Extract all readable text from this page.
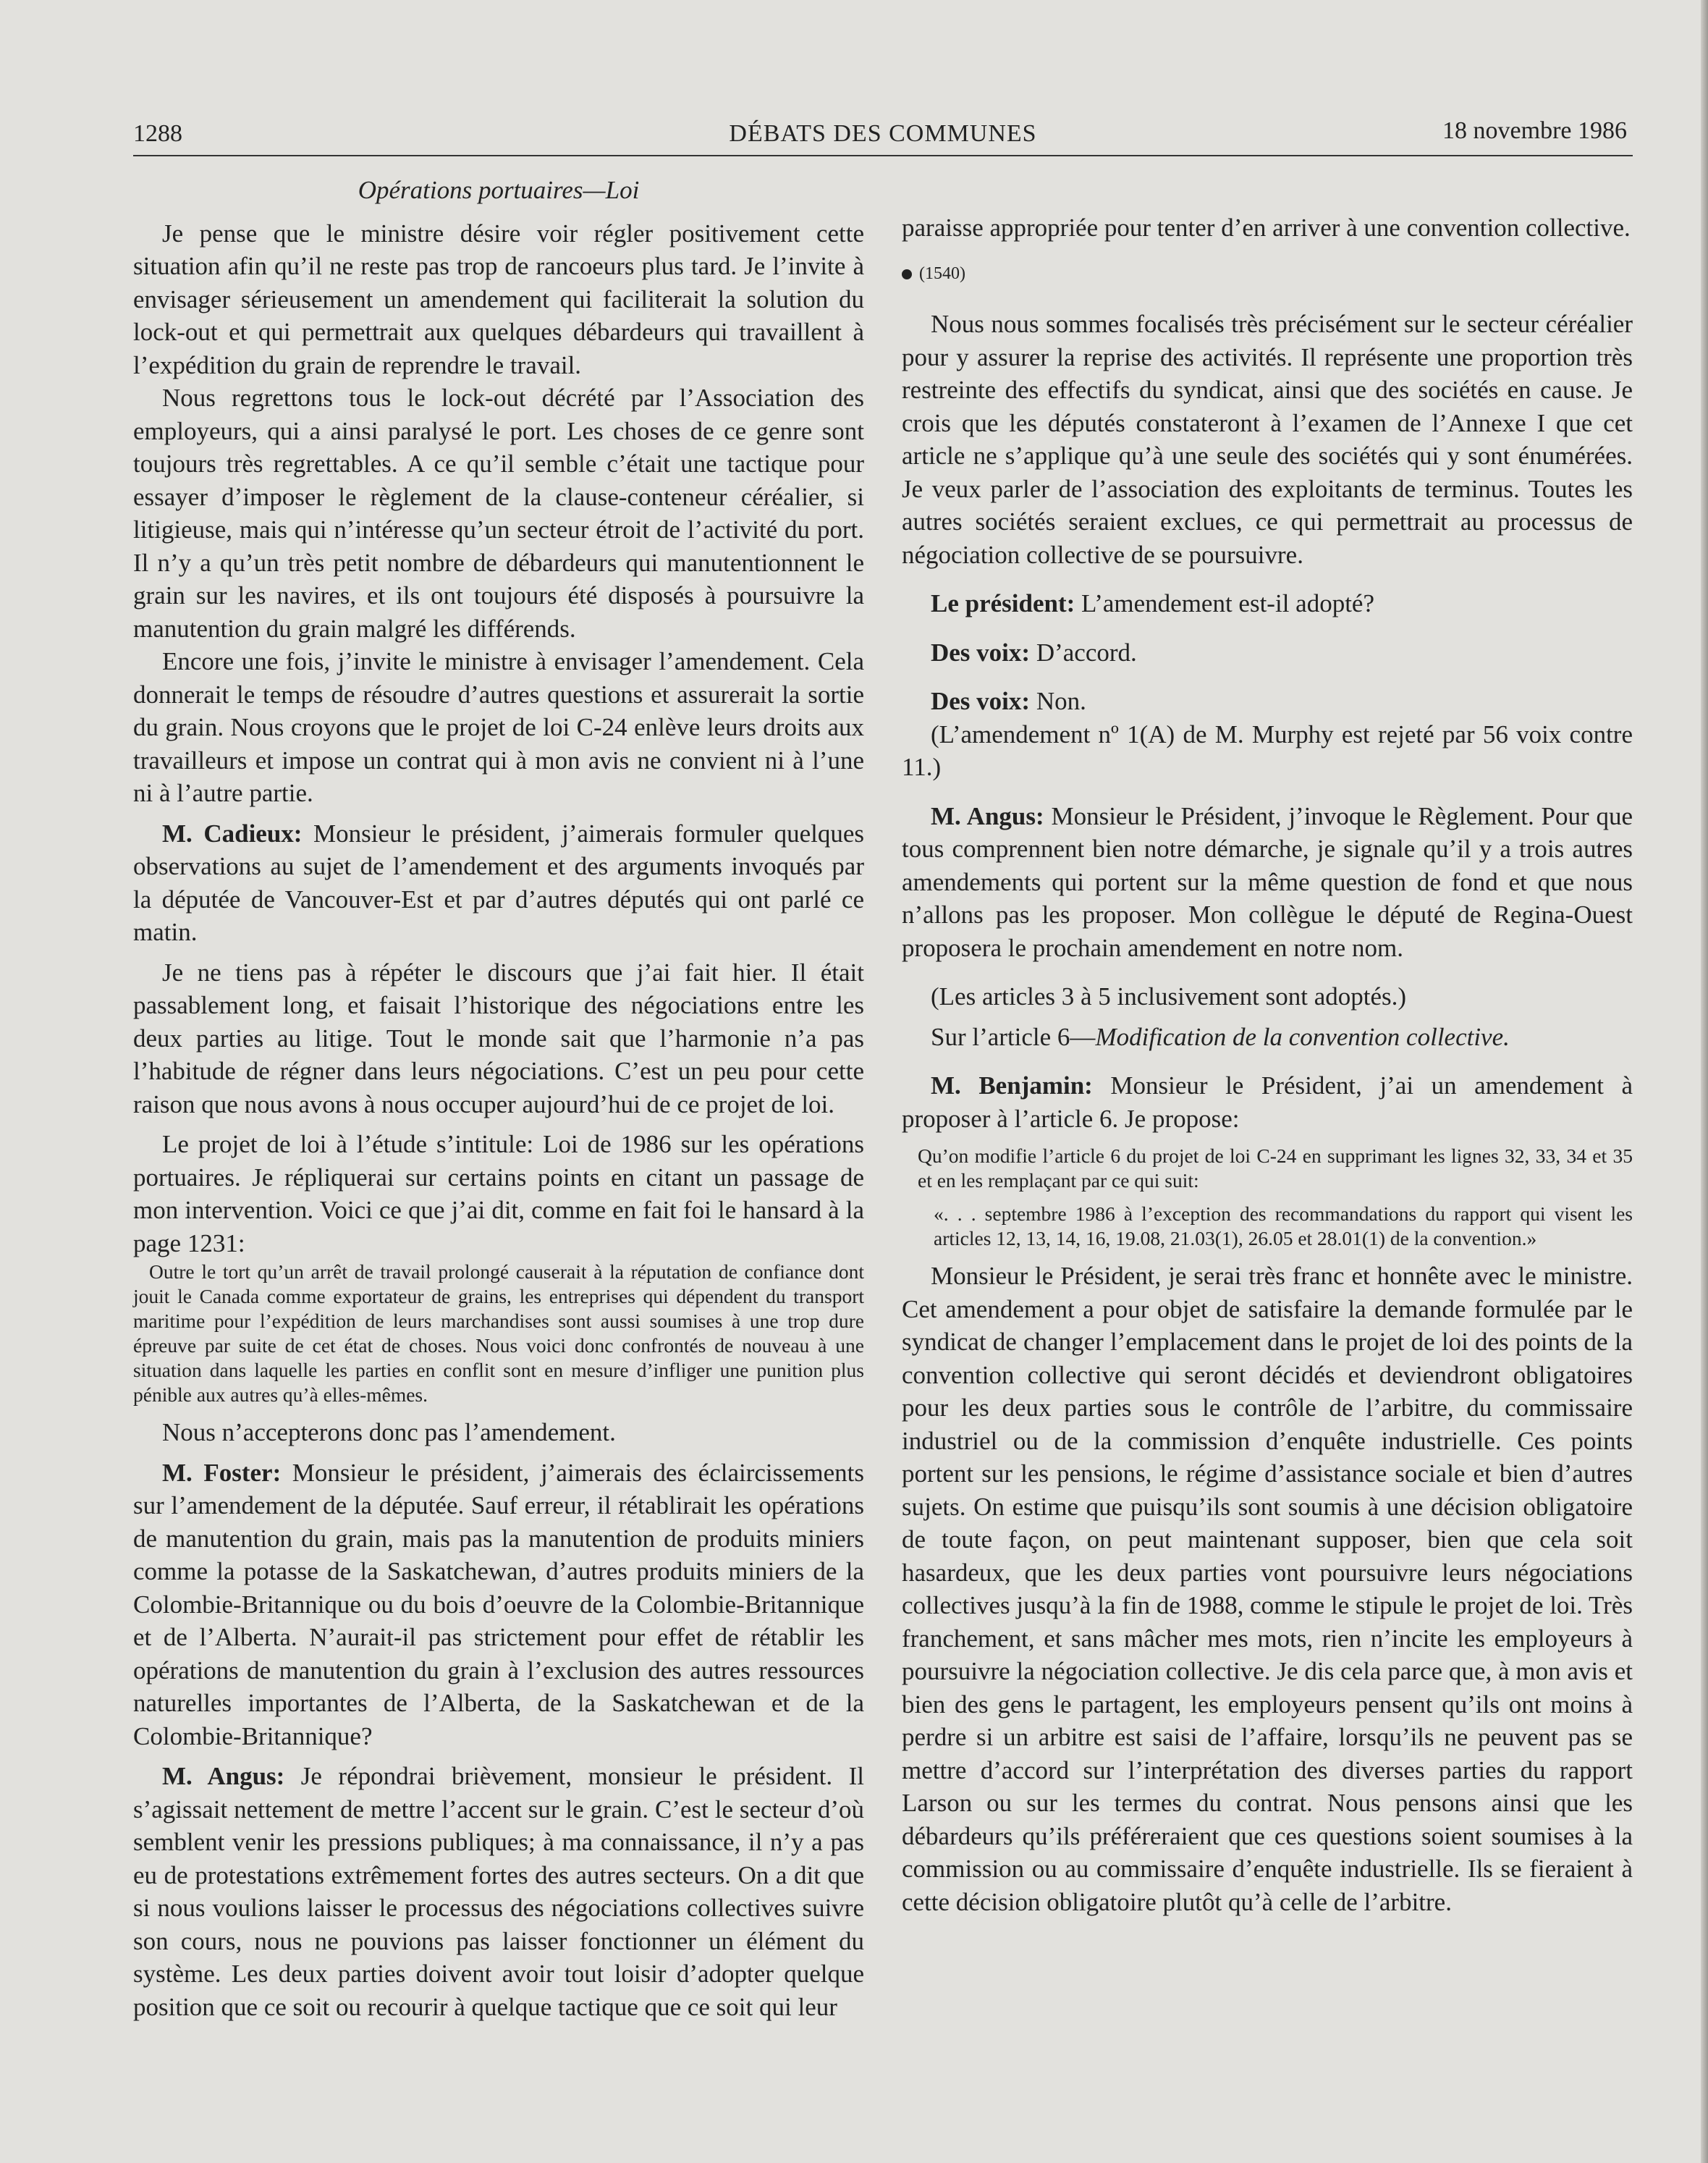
1288	DÉBATS DES COMMUNES	18 novembre 1986
Opérations portuaires—Loi

Je pense que le ministre désire voir régler positivement cette situation afin qu’il ne reste pas trop de rancoeurs plus tard. Je l’invite à envisager sérieusement un amendement qui faciliterait la solution du lock-out et qui permettrait aux quelques débardeurs qui travaillent à l’expédition du grain de reprendre le travail.

Nous regrettons tous le lock-out décrété par l’Association des employeurs, qui a ainsi paralysé le port. Les choses de ce genre sont toujours très regrettables. A ce qu’il semble c’était une tactique pour essayer d’imposer le règlement de la clause-conteneur céréalier, si litigieuse, mais qui n’intéresse qu’un secteur étroit de l’activité du port. Il n’y a qu’un très petit nombre de débardeurs qui manutentionnent le grain sur les navires, et ils ont toujours été disposés à poursuivre la manutention du grain malgré les différends.

Encore une fois, j’invite le ministre à envisager l’amendement. Cela donnerait le temps de résoudre d’autres questions et assurerait la sortie du grain. Nous croyons que le projet de loi C-24 enlève leurs droits aux travailleurs et impose un contrat qui à mon avis ne convient ni à l’une ni à l’autre partie.

M. Cadieux: Monsieur le président, j’aimerais formuler quelques observations au sujet de l’amendement et des arguments invoqués par la députée de Vancouver-Est et par d’autres députés qui ont parlé ce matin.

Je ne tiens pas à répéter le discours que j’ai fait hier. Il était passablement long, et faisait l’historique des négociations entre les deux parties au litige. Tout le monde sait que l’harmonie n’a pas l’habitude de régner dans leurs négociations. C’est un peu pour cette raison que nous avons à nous occuper aujourd’hui de ce projet de loi.

Le projet de loi à l’étude s’intitule: Loi de 1986 sur les opérations portuaires. Je répliquerai sur certains points en citant un passage de mon intervention. Voici ce que j’ai dit, comme en fait foi le hansard à la page 1231:

Outre le tort qu’un arrêt de travail prolongé causerait à la réputation de confiance dont jouit le Canada comme exportateur de grains, les entreprises qui dépendent du transport maritime pour l’expédition de leurs marchandises sont aussi soumises à une trop dure épreuve par suite de cet état de choses. Nous voici donc confrontés de nouveau à une situation dans laquelle les parties en conflit sont en mesure d’infliger une punition plus pénible aux autres qu’à elles-mêmes.

Nous n’accepterons donc pas l’amendement.

M. Foster: Monsieur le président, j’aimerais des éclaircissements sur l’amendement de la députée. Sauf erreur, il rétablirait les opérations de manutention du grain, mais pas la manutention de produits miniers comme la potasse de la Saskatchewan, d’autres produits miniers de la Colombie-Britannique ou du bois d’oeuvre de la Colombie-Britannique et de l’Alberta. N’aurait-il pas strictement pour effet de rétablir les opérations de manutention du grain à l’exclusion des autres ressources naturelles importantes de l’Alberta, de la Saskatchewan et de la Colombie-Britannique?

M. Angus: Je répondrai brièvement, monsieur le président. Il s’agissait nettement de mettre l’accent sur le grain. C’est le secteur d’où semblent venir les pressions publiques; à ma connaissance, il n’y a pas eu de protestations extrêmement fortes des autres secteurs. On a dit que si nous voulions laisser le processus des négociations collectives suivre son cours, nous ne pouvions pas laisser fonctionner un élément du système. Les deux parties doivent avoir tout loisir d’adopter quelque position que ce soit ou recourir à quelque tactique que ce soit qui leur

paraisse appropriée pour tenter d’en arriver à une convention collective.

(1540)

Nous nous sommes focalisés très précisément sur le secteur céréalier pour y assurer la reprise des activités. Il représente une proportion très restreinte des effectifs du syndicat, ainsi que des sociétés en cause. Je crois que les députés constateront à l’examen de l’Annexe I que cet article ne s’applique qu’à une seule des sociétés qui y sont énumérées. Je veux parler de l’association des exploitants de terminus. Toutes les autres sociétés seraient exclues, ce qui permettrait au processus de négociation collective de se poursuivre.

Le président: L’amendement est-il adopté?

Des voix: D’accord.

Des voix: Non.

(L’amendement nº 1(A) de M. Murphy est rejeté par 56 voix contre 11.)

M. Angus: Monsieur le Président, j’invoque le Règlement. Pour que tous comprennent bien notre démarche, je signale qu’il y a trois autres amendements qui portent sur la même question de fond et que nous n’allons pas les proposer. Mon collègue le député de Regina-Ouest proposera le prochain amendement en notre nom.

(Les articles 3 à 5 inclusivement sont adoptés.)

Sur l’article 6—Modification de la convention collective.

M. Benjamin: Monsieur le Président, j’ai un amendement à proposer à l’article 6. Je propose:

Qu’on modifie l’article 6 du projet de loi C-24 en supprimant les lignes 32, 33, 34 et 35 et en les remplaçant par ce qui suit:

«. . . septembre 1986 à l’exception des recommandations du rapport qui visent les articles 12, 13, 14, 16, 19.08, 21.03(1), 26.05 et 28.01(1) de la convention.»

Monsieur le Président, je serai très franc et honnête avec le ministre. Cet amendement a pour objet de satisfaire la demande formulée par le syndicat de changer l’emplacement dans le projet de loi des points de la convention collective qui seront décidés et deviendront obligatoires pour les deux parties sous le contrôle de l’arbitre, du commissaire industriel ou de la commission d’enquête industrielle. Ces points portent sur les pensions, le régime d’assistance sociale et bien d’autres sujets. On estime que puisqu’ils sont soumis à une décision obligatoire de toute façon, on peut maintenant supposer, bien que cela soit hasardeux, que les deux parties vont poursuivre leurs négociations collectives jusqu’à la fin de 1988, comme le stipule le projet de loi. Très franchement, et sans mâcher mes mots, rien n’incite les employeurs à poursuivre la négociation collective. Je dis cela parce que, à mon avis et bien des gens le partagent, les employeurs pensent qu’ils ont moins à perdre si un arbitre est saisi de l’affaire, lorsqu’ils ne peuvent pas se mettre d’accord sur l’interprétation des diverses parties du rapport Larson ou sur les termes du contrat. Nous pensons ainsi que les débardeurs qu’ils préféreraient que ces questions soient soumises à la commission ou au commissaire d’enquête industrielle. Ils se fieraient à cette décision obligatoire plutôt qu’à celle de l’arbitre.
